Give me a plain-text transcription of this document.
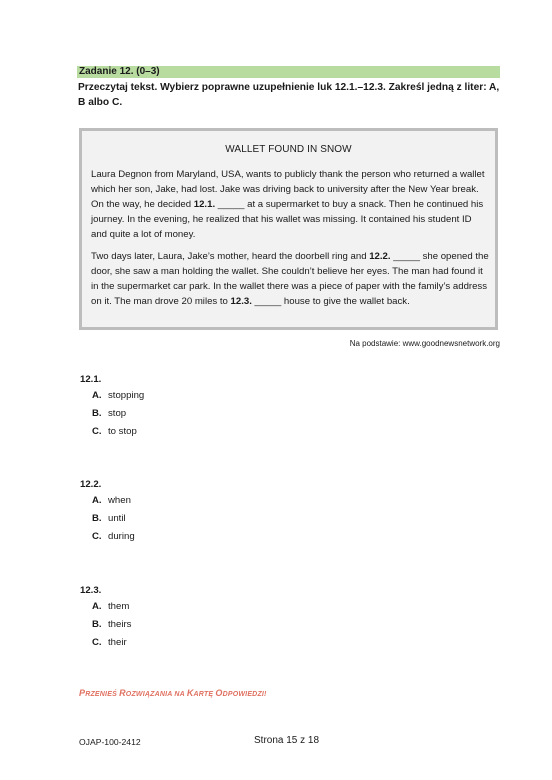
Zadanie 12. (0–3)
Przeczytaj tekst. Wybierz poprawne uzupełnienie luk 12.1.–12.3. Zakreśl jedną z liter: A, B albo C.
WALLET FOUND IN SNOW
Laura Degnon from Maryland, USA, wants to publicly thank the person who returned a wallet which her son, Jake, had lost. Jake was driving back to university after the New Year break. On the way, he decided 12.1. _____ at a supermarket to buy a snack. Then he continued his journey. In the evening, he realized that his wallet was missing. It contained his student ID and quite a lot of money.
Two days later, Laura, Jake’s mother, heard the doorbell ring and 12.2. _____ she opened the door, she saw a man holding the wallet. She couldn’t believe her eyes. The man had found it in the supermarket car park. In the wallet there was a piece of paper with the family’s address on it. The man drove 20 miles to 12.3. _____ house to give the wallet back.
Na podstawie: www.goodnewsnetwork.org
12.1.
A. stopping
B. stop
C. to stop
12.2.
A. when
B. until
C. during
12.3.
A. them
B. theirs
C. their
PRZENIEŚ ROZWIĄZANIA NA KARTĘ ODPOWIEDZI!
OJAP-100-2412	Strona 15 z 18
